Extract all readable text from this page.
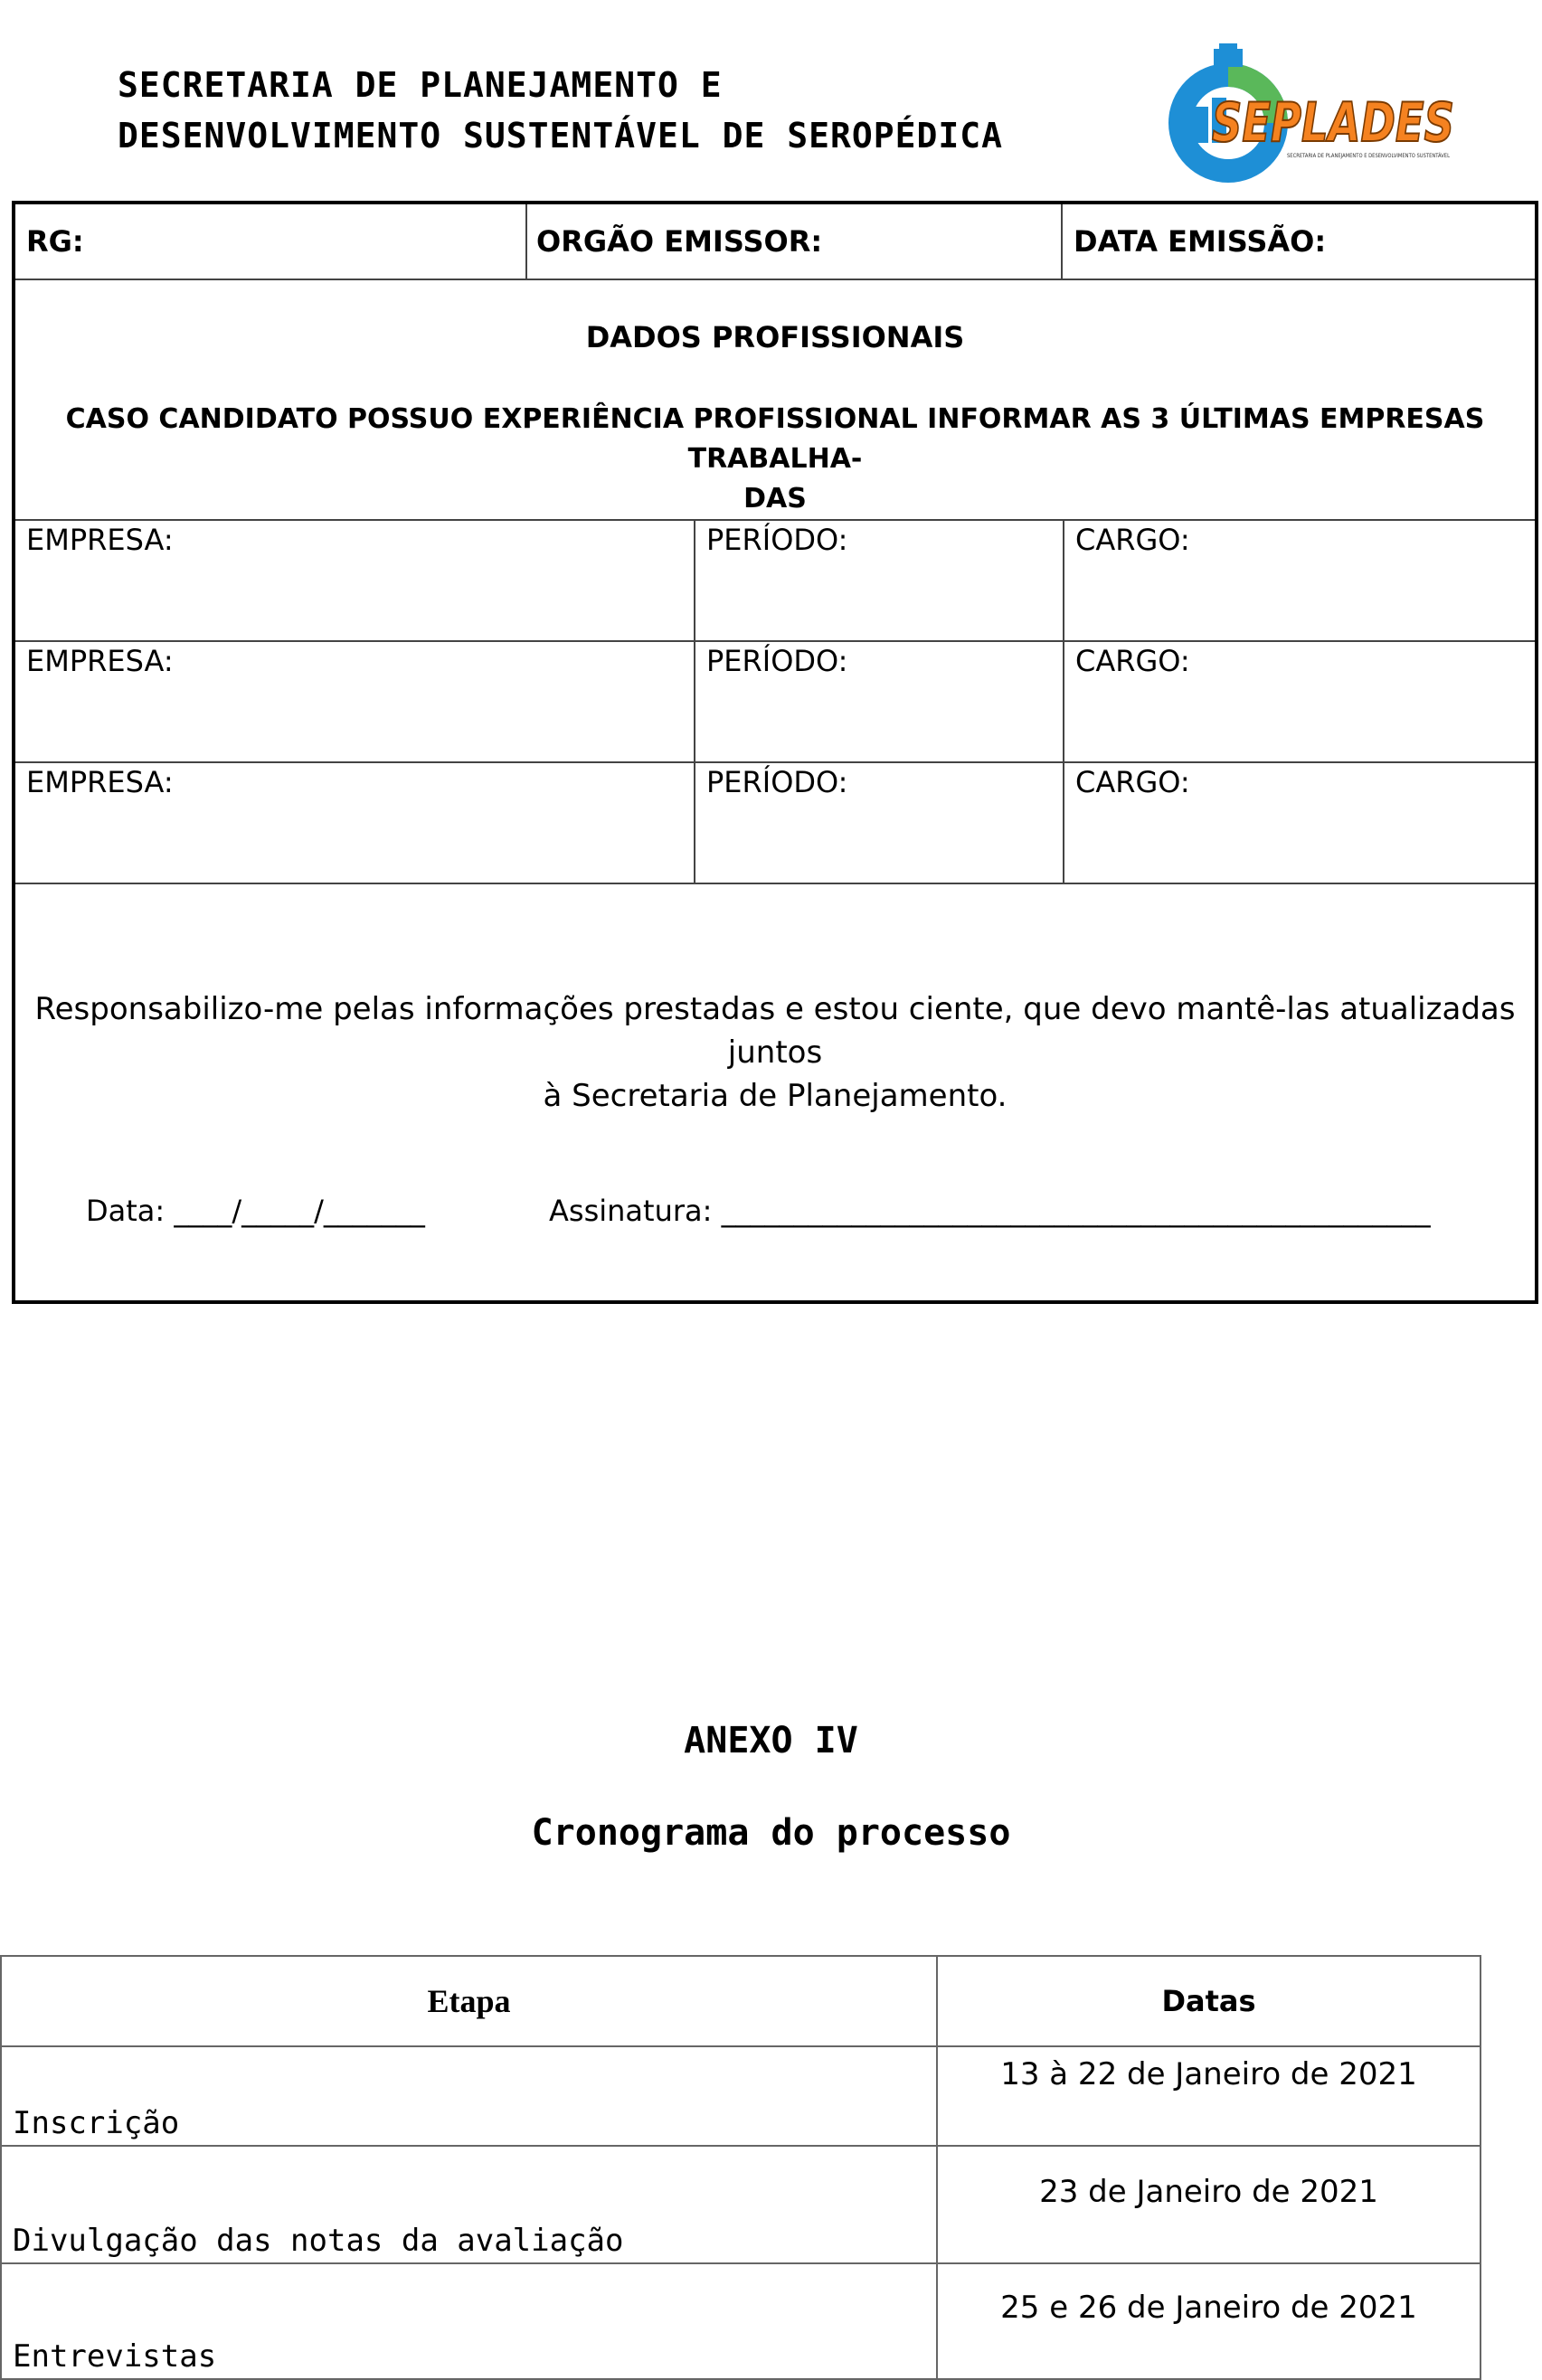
SECRETARIA DE PLANEJAMENTO E
DESENVOLVIMENTO SUSTENTÁVEL DE SEROPÉDICA	SEPLADES
SECRETARIA DE PLANEJAMENTO E DESENVOLVIMENTO SUSTENTÁVEL
RG:	ORGÃO EMISSOR:	DATA EMISSÃO:
DADOS PROFISSIONAIS
CASO CANDIDATO POSSUO EXPERIÊNCIA PROFISSIONAL INFORMAR AS 3 ÚLTIMAS EMPRESAS TRABALHA-
DAS
EMPRESA:	PERÍODO:	CARGO:
EMPRESA:	PERÍODO:	CARGO:
EMPRESA:	PERÍODO:	CARGO:
Responsabilizo-me pelas informações prestadas e estou ciente, que devo mantê-las atualizadas juntos
à Secretaria de Planejamento.
Data: ____/_____/_______	Assinatura: _________________________________________________
ANEXO IV
Cronograma do processo
Etapa	Datas
Inscrição	13 à 22 de Janeiro de 2021
Divulgação das notas da avaliação	23 de Janeiro de 2021
Entrevistas	25 e 26 de Janeiro de 2021
